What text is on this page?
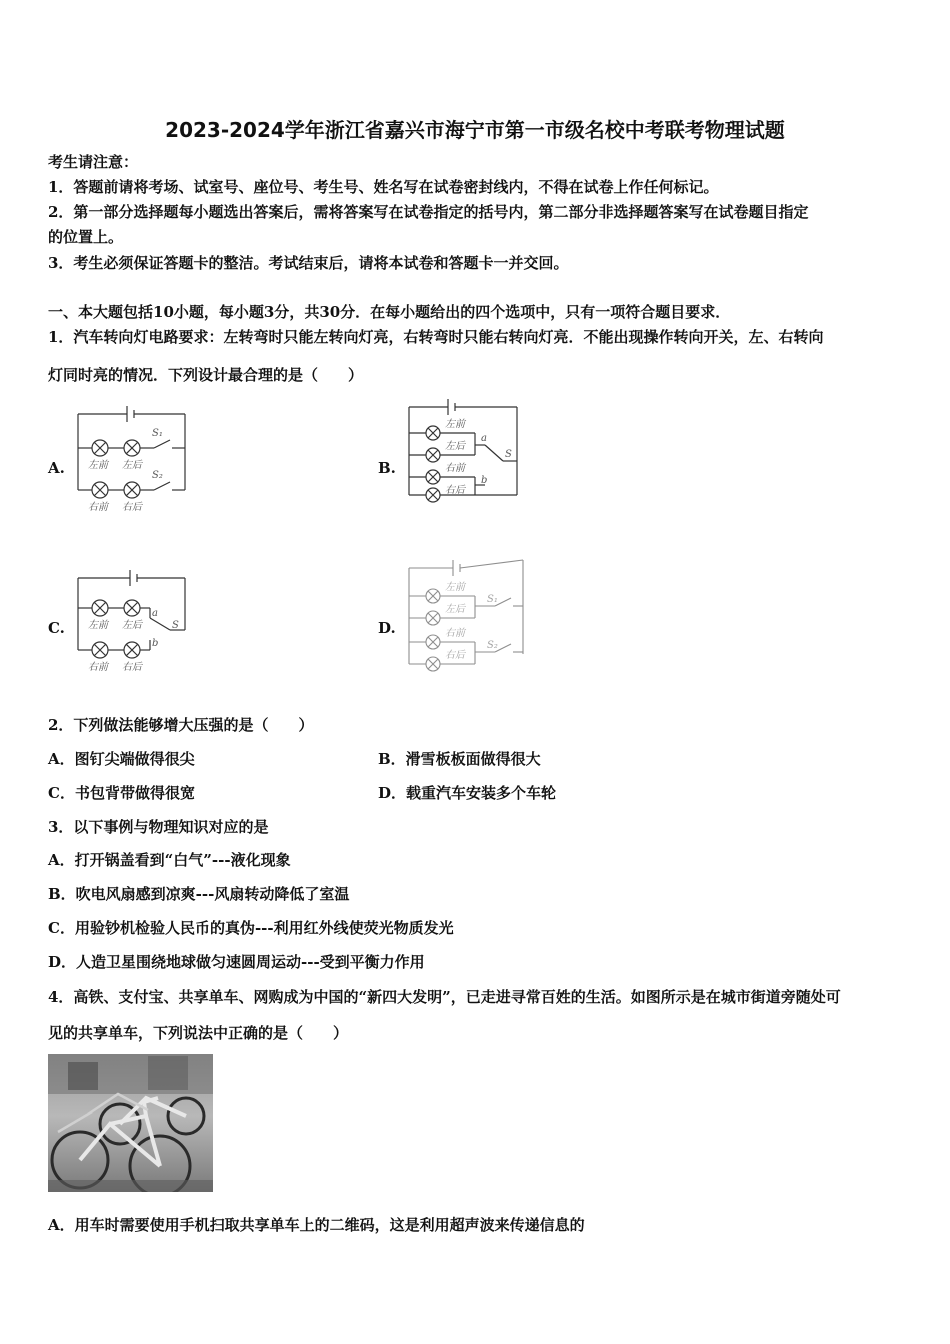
2023-2024学年浙江省嘉兴市海宁市第一市级名校中考联考物理试题
考生请注意：
1．答题前请将考场、试室号、座位号、考生号、姓名写在试卷密封线内，不得在试卷上作任何标记。
2．第一部分选择题每小题选出答案后，需将答案写在试卷指定的括号内，第二部分非选择题答案写在试卷题目指定
的位置上。
3．考生必须保证答题卡的整洁。考试结束后，请将本试卷和答题卡一并交回。
一、本大题包括10小题，每小题3分，共30分．在每小题给出的四个选项中，只有一项符合题目要求．
1．汽车转向灯电路要求：左转弯时只能左转向灯亮，右转弯时只能右转向灯亮．不能出现操作转向开关，左、右转向
灯同时亮的情况．下列设计最合理的是（　　）
A.	B.
C.	D.
左前 左后
S₁
S₂
右前 右后
左前
左后
右前
右后
a
b
S
左前 左后
a
S
b
右前 右后
左前
左后
S₁
右前
右后
S₂
2．下列做法能够增大压强的是（　　）
A．图钉尖端做得很尖	B．滑雪板板面做得很大
C．书包背带做得很宽	D．载重汽车安装多个车轮
3．以下事例与物理知识对应的是
A．打开锅盖看到“白气”---液化现象
B．吹电风扇感到凉爽---风扇转动降低了室温
C．用验钞机检验人民币的真伪---利用红外线使荧光物质发光
D．人造卫星围绕地球做匀速圆周运动---受到平衡力作用
4．高铁、支付宝、共享单车、网购成为中国的“新四大发明”，已走进寻常百姓的生活。如图所示是在城市街道旁随处可
见的共享单车，下列说法中正确的是（　　）
A．用车时需要使用手机扫取共享单车上的二维码，这是利用超声波来传递信息的
